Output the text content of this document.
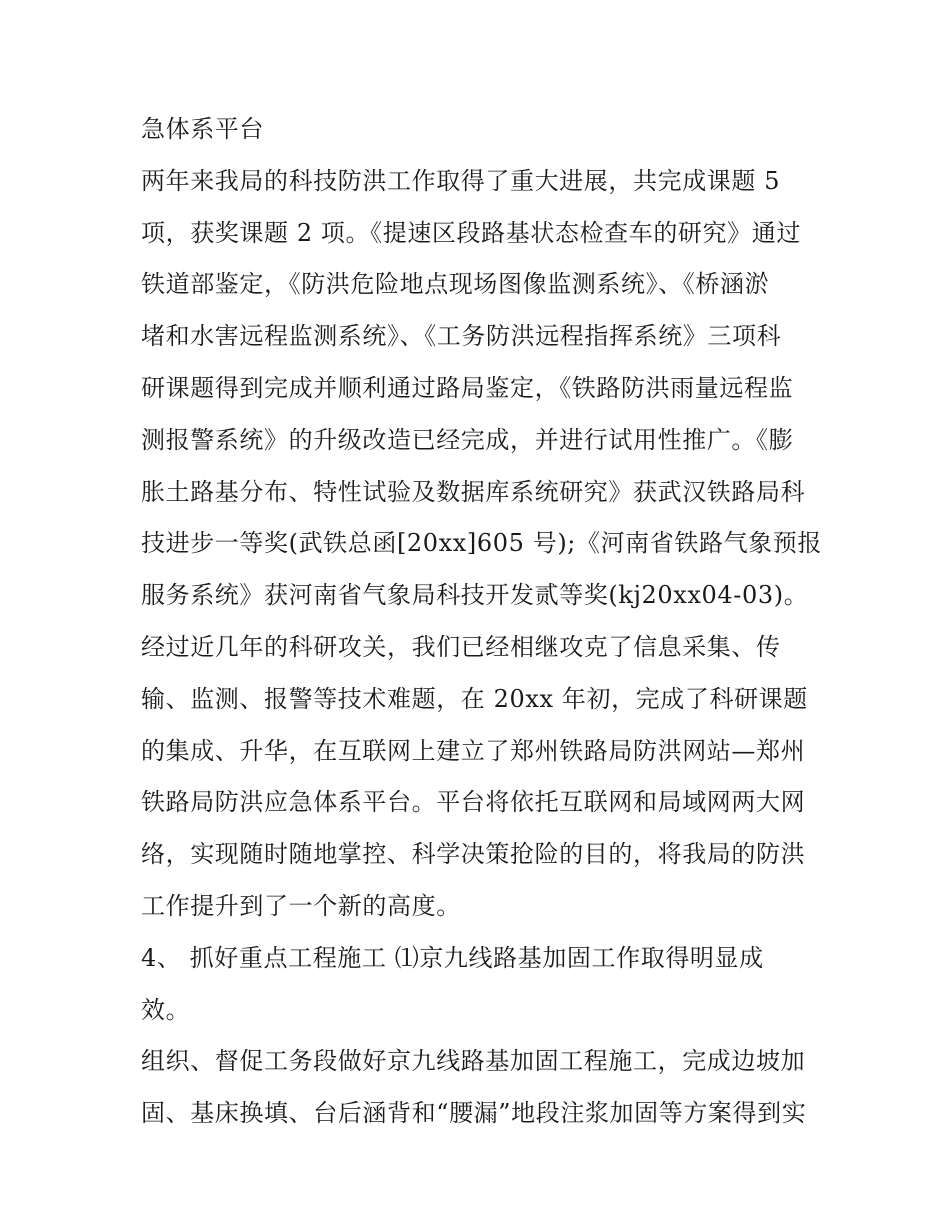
急体系平台
两年来我局的科技防洪工作取得了重大进展，共完成课题 5
项，获奖课题 2 项。《提速区段路基状态检查车的研究》通过
铁道部鉴定，《防洪危险地点现场图像监测系统》、《桥涵淤
堵和水害远程监测系统》、《工务防洪远程指挥系统》三项科
研课题得到完成并顺利通过路局鉴定，《铁路防洪雨量远程监
测报警系统》的升级改造已经完成，并进行试用性推广。《膨
胀土路基分布、特性试验及数据库系统研究》获武汉铁路局科
技进步一等奖(武铁总函[20xx]605 号);《河南省铁路气象预报
服务系统》获河南省气象局科技开发贰等奖(kj20xx04-03)。
经过近几年的科研攻关，我们已经相继攻克了信息采集、传
输、监测、报警等技术难题，在 20xx 年初，完成了科研课题
的集成、升华，在互联网上建立了郑州铁路局防洪网站—郑州
铁路局防洪应急体系平台。平台将依托互联网和局域网两大网
络，实现随时随地掌控、科学决策抢险的目的，将我局的防洪
工作提升到了一个新的高度。
4、 抓好重点工程施工 ⑴京九线路基加固工作取得明显成
效。
组织、督促工务段做好京九线路基加固工程施工，完成边坡加
固、基床换填、台后涵背和“腰漏”地段注浆加固等方案得到实
